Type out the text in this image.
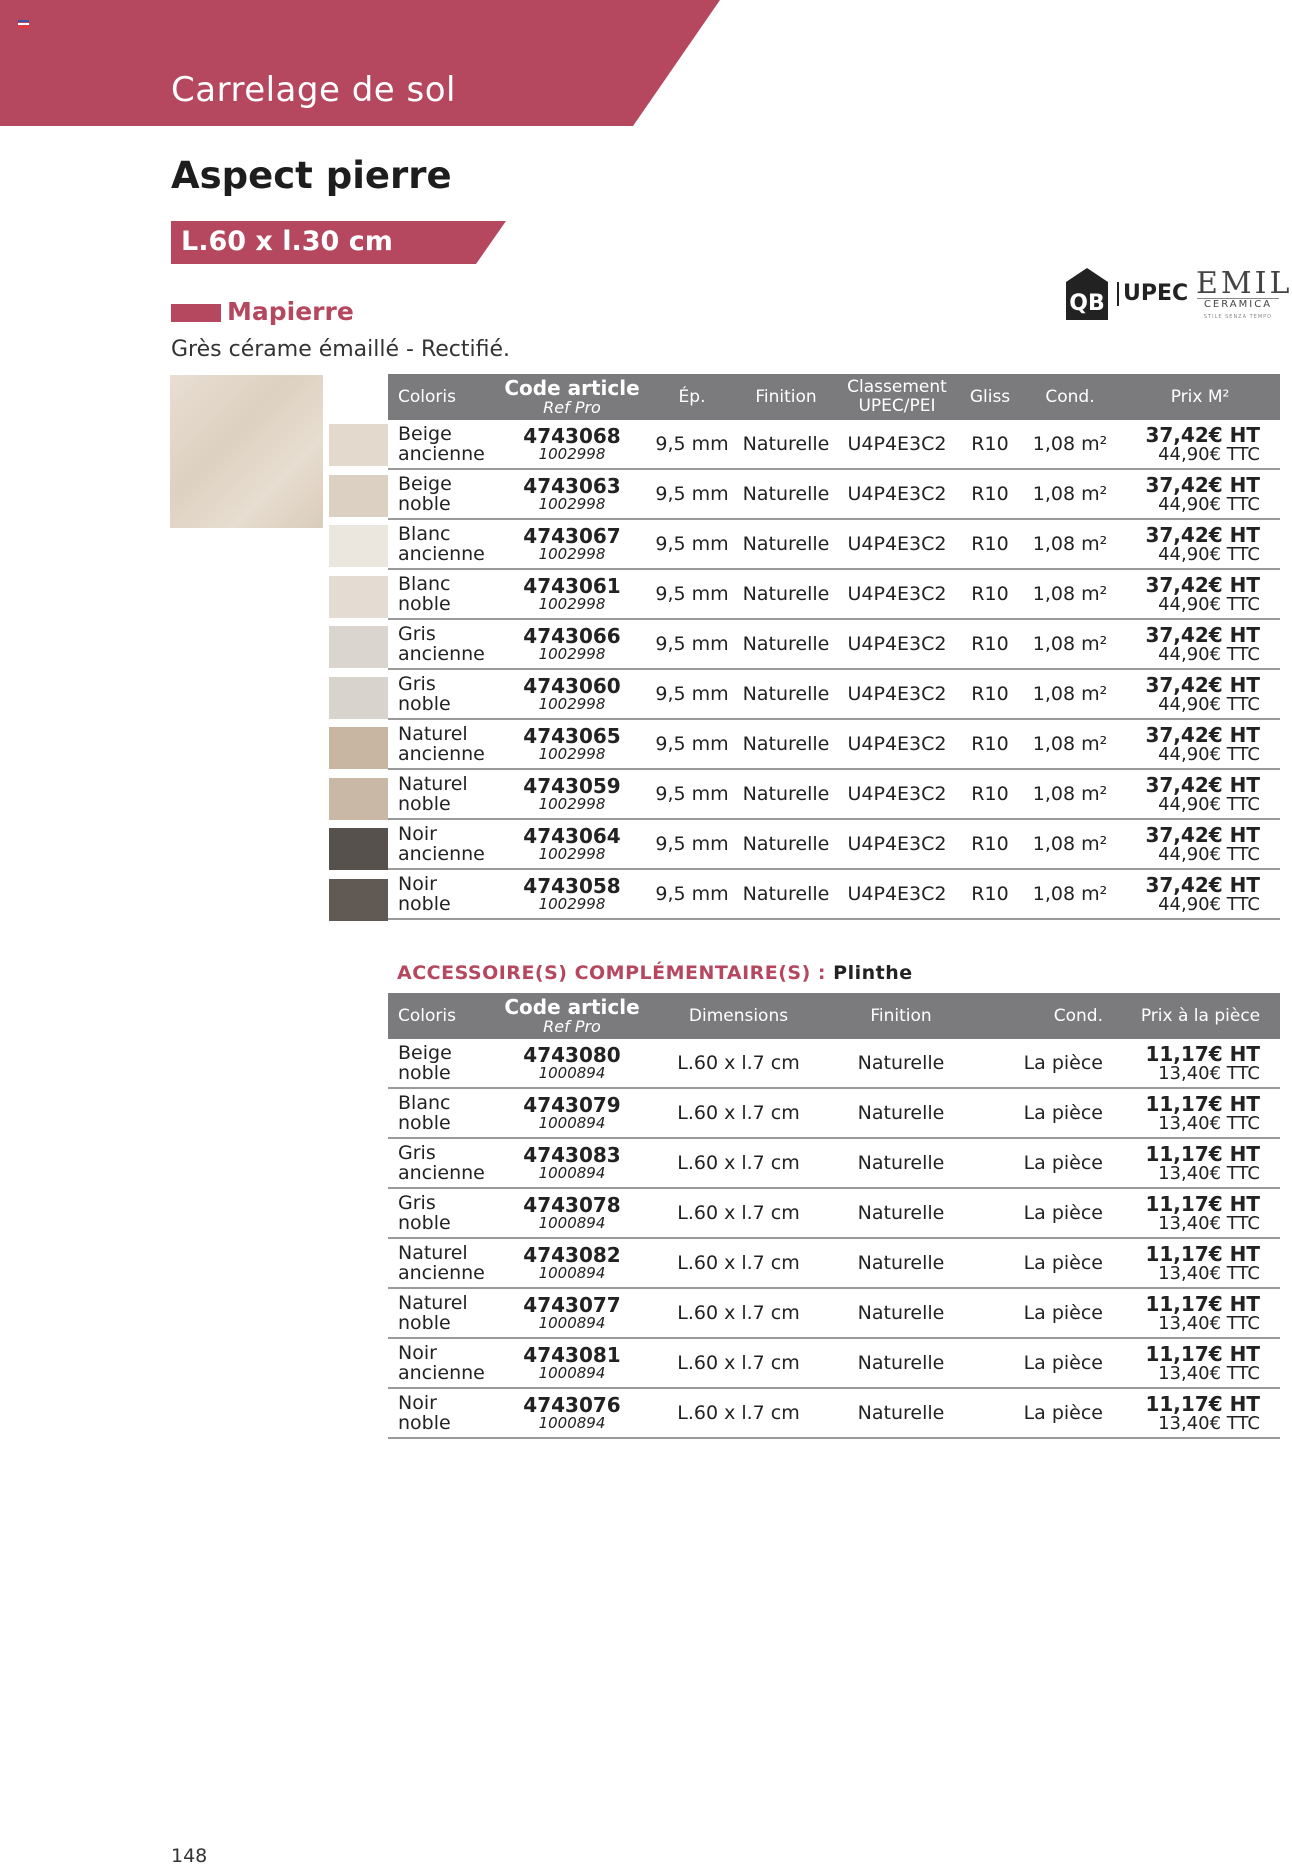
Carrelage de sol
Aspect pierre
L.60 x l.30 cm
Mapierre
Grès cérame émaillé - Rectifié.
QB UPEC EMIL
CERAMICA
STILE SENZA TEMPO
Coloris	Code article
Ref Pro	Ép.	Finition	Classement UPEC/PEI	Gliss	Cond.	Prix M²
Beige ancienne	4743068
1002998	9,5 mm	Naturelle	U4P4E3C2	R10	1,08 m²	37,42€ HT
44,90€ TTC

Beige noble	4743063
1002998	9,5 mm	Naturelle	U4P4E3C2	R10	1,08 m²	37,42€ HT
44,90€ TTC

Blanc ancienne	4743067
1002998	9,5 mm	Naturelle	U4P4E3C2	R10	1,08 m²	37,42€ HT
44,90€ TTC

Blanc noble	4743061
1002998	9,5 mm	Naturelle	U4P4E3C2	R10	1,08 m²	37,42€ HT
44,90€ TTC

Gris ancienne	4743066
1002998	9,5 mm	Naturelle	U4P4E3C2	R10	1,08 m²	37,42€ HT
44,90€ TTC

Gris noble	4743060
1002998	9,5 mm	Naturelle	U4P4E3C2	R10	1,08 m²	37,42€ HT
44,90€ TTC

Naturel ancienne	4743065
1002998	9,5 mm	Naturelle	U4P4E3C2	R10	1,08 m²	37,42€ HT
44,90€ TTC

Naturel noble	4743059
1002998	9,5 mm	Naturelle	U4P4E3C2	R10	1,08 m²	37,42€ HT
44,90€ TTC

Noir ancienne	4743064
1002998	9,5 mm	Naturelle	U4P4E3C2	R10	1,08 m²	37,42€ HT
44,90€ TTC

Noir noble	4743058
1002998	9,5 mm	Naturelle	U4P4E3C2	R10	1,08 m²	37,42€ HT
44,90€ TTC
ACCESSOIRE(S) COMPLÉMENTAIRE(S) : Plinthe
Coloris	Code article
Ref Pro	Dimensions	Finition	Cond.	Prix à la pièce
Beige noble	4743080
1000894	L.60 x l.7 cm	Naturelle	La pièce	11,17€ HT
13,40€ TTC

Blanc noble	4743079
1000894	L.60 x l.7 cm	Naturelle	La pièce	11,17€ HT
13,40€ TTC

Gris ancienne	4743083
1000894	L.60 x l.7 cm	Naturelle	La pièce	11,17€ HT
13,40€ TTC

Gris noble	4743078
1000894	L.60 x l.7 cm	Naturelle	La pièce	11,17€ HT
13,40€ TTC

Naturel ancienne	4743082
1000894	L.60 x l.7 cm	Naturelle	La pièce	11,17€ HT
13,40€ TTC

Naturel noble	4743077
1000894	L.60 x l.7 cm	Naturelle	La pièce	11,17€ HT
13,40€ TTC

Noir ancienne	4743081
1000894	L.60 x l.7 cm	Naturelle	La pièce	11,17€ HT
13,40€ TTC

Noir noble	4743076
1000894	L.60 x l.7 cm	Naturelle	La pièce	11,17€ HT
13,40€ TTC
148
